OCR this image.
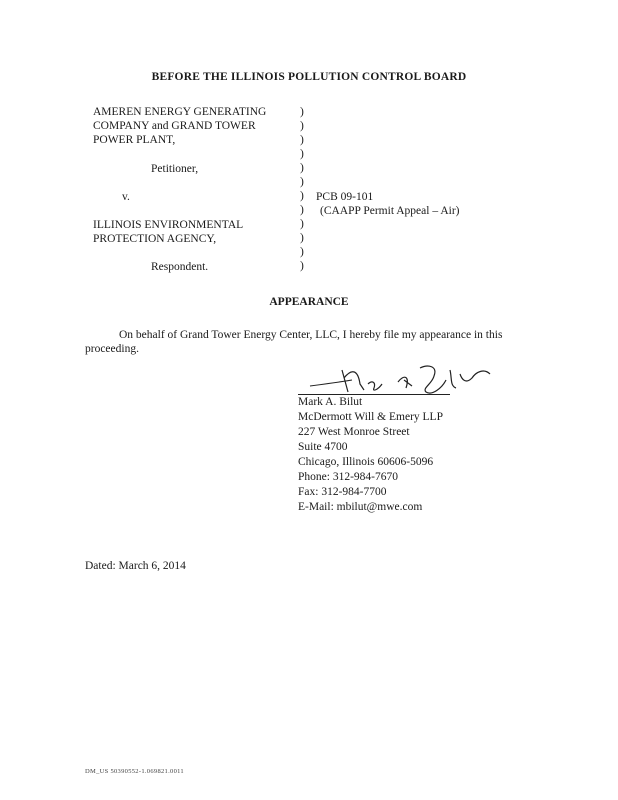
BEFORE THE ILLINOIS POLLUTION CONTROL BOARD
AMEREN ENERGY GENERATING
COMPANY and GRAND TOWER
POWER PLANT,
Petitioner,
v.
ILLINOIS ENVIRONMENTAL
PROTECTION AGENCY,
Respondent.
)
)
)
)
)
)
)
)
)
)
)
)
PCB 09-101
(CAAPP Permit Appeal – Air)
APPEARANCE
On behalf of Grand Tower Energy Center, LLC, I hereby file my appearance in this proceeding.
Mark A. Bilut
McDermott Will & Emery LLP
227 West Monroe Street
Suite 4700
Chicago, Illinois 60606-5096
Phone: 312-984-7670
Fax: 312-984-7700
E-Mail: mbilut@mwe.com
Dated: March 6, 2014
DM_US 50390552-1.069821.0011
